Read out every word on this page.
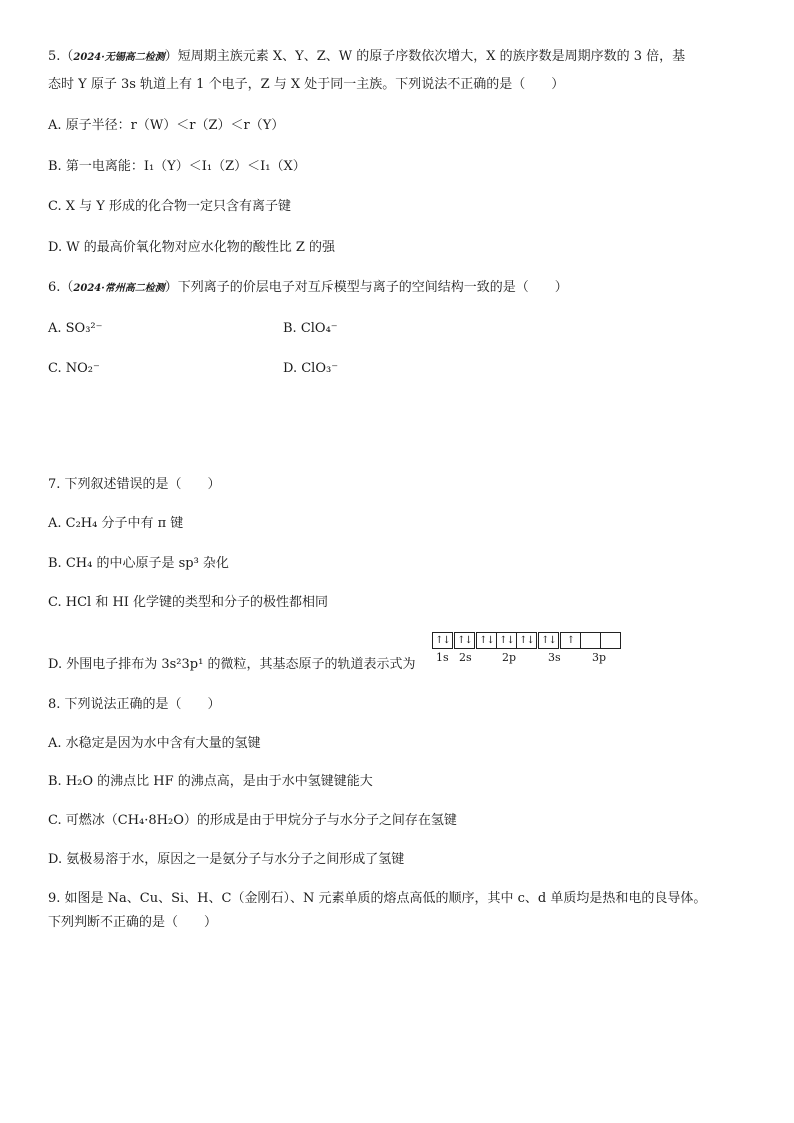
5.（2024·无锡高二检测）短周期主族元素 X、Y、Z、W 的原子序数依次增大，X 的族序数是周期序数的 3 倍，基
态时 Y 原子 3s 轨道上有 1 个电子，Z 与 X 处于同一主族。下列说法不正确的是（　　）
A. 原子半径：r（W）＜r（Z）＜r（Y）
B. 第一电离能：I₁（Y）＜I₁（Z）＜I₁（X）
C. X 与 Y 形成的化合物一定只含有离子键
D. W 的最高价氧化物对应水化物的酸性比 Z 的强
6.（2024·常州高二检测）下列离子的价层电子对互斥模型与离子的空间结构一致的是（　　）
A. SO₃²⁻	B. ClO₄⁻
C. NO₂⁻	D. ClO₃⁻
7. 下列叙述错误的是（　　）
A. C₂H₄ 分子中有 π 键
B. CH₄ 的中心原子是 sp³ 杂化
C. HCl 和 HI 化学键的类型和分子的极性都相同
D. 外围电子排布为 3s²3p¹ 的微粒，其基态原子的轨道表示式为
↑↓ ↑↓ ↑↓ ↑↓ ↑↓ ↑↓	↑
1s 2s	2p	3s	3p
8. 下列说法正确的是（　　）
A. 水稳定是因为水中含有大量的氢键
B. H₂O 的沸点比 HF 的沸点高，是由于水中氢键键能大
C. 可燃冰（CH₄·8H₂O）的形成是由于甲烷分子与水分子之间存在氢键
D. 氨极易溶于水，原因之一是氨分子与水分子之间形成了氢键
9. 如图是 Na、Cu、Si、H、C（金刚石）、N 元素单质的熔点高低的顺序，其中 c、d 单质均是热和电的良导体。
下列判断不正确的是（　　）
